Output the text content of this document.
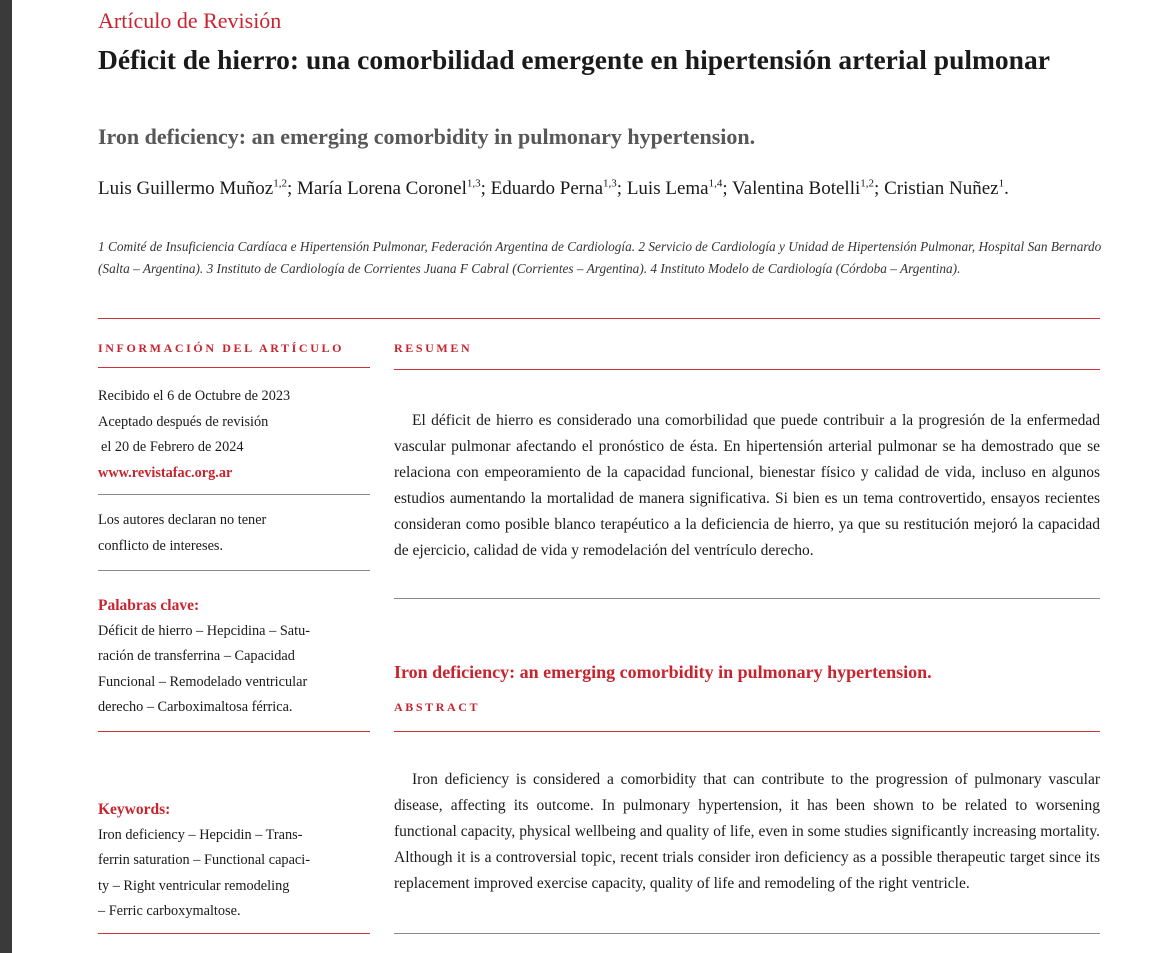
Artículo de Revisión
Déficit de hierro: una comorbilidad emergente en hipertensión arterial pulmonar
Iron deficiency: an emerging comorbidity in pulmonary hypertension.
Luis Guillermo Muñoz$^{1,2}$; María Lorena Coronel$^{1,3}$; Eduardo Perna$^{1,3}$; Luis Lema$^{1,4}$; Valentina Botelli$^{1,2}$; Cristian Nuñez$^1$.
1 Comité de Insuficiencia Cardíaca e Hipertensión Pulmonar, Federación Argentina de Cardiología. 2 Servicio de Cardiología y Unidad de Hipertensión Pulmonar, Hospital San Bernardo (Salta – Argentina). 3 Instituto de Cardiología de Corrientes Juana F Cabral (Corrientes – Argentina). 4 Instituto Modelo de Cardiología (Córdoba – Argentina).
INFORMACIÓN DEL ARTÍCULO
Recibido el 6 de Octubre de 2023
Aceptado después de revisión
el 20 de Febrero de 2024
www.revistafac.org.ar
Los autores declaran no tener
conflicto de intereses.
Palabras clave:
Déficit de hierro – Hepcidina – Satu-
ración de transferrina – Capacidad
Funcional – Remodelado ventricular
derecho – Carboximaltosa férrica.
Keywords:
Iron deficiency – Hepcidin – Trans-
ferrin saturation – Functional capaci-
ty – Right ventricular remodeling
– Ferric carboxymaltose.
RESUMEN
El déficit de hierro es considerado una comorbilidad que puede contribuir a la progresión de la enfermedad vascular pulmonar afectando el pronóstico de ésta. En hipertensión arterial pulmonar se ha demostrado que se relaciona con empeoramiento de la capacidad funcional, bienestar físico y calidad de vida, incluso en algunos estudios aumentando la mortalidad de manera significativa. Si bien es un tema controvertido, ensayos recientes consideran como posible blanco terapéutico a la deficiencia de hierro, ya que su restitución mejoró la capacidad de ejercicio, calidad de vida y remodelación del ventrículo derecho.
Iron deficiency: an emerging comorbidity in pulmonary hypertension.
ABSTRACT
Iron deficiency is considered a comorbidity that can contribute to the progression of pulmonary vascular disease, affecting its outcome. In pulmonary hypertension, it has been shown to be related to worsening functional capacity, physical wellbeing and quality of life, even in some studies significantly increasing mortality. Although it is a controversial topic, recent trials consider iron deficiency as a possible therapeutic target since its replacement improved exercise capacity, quality of life and remodeling of the right ventricle.
